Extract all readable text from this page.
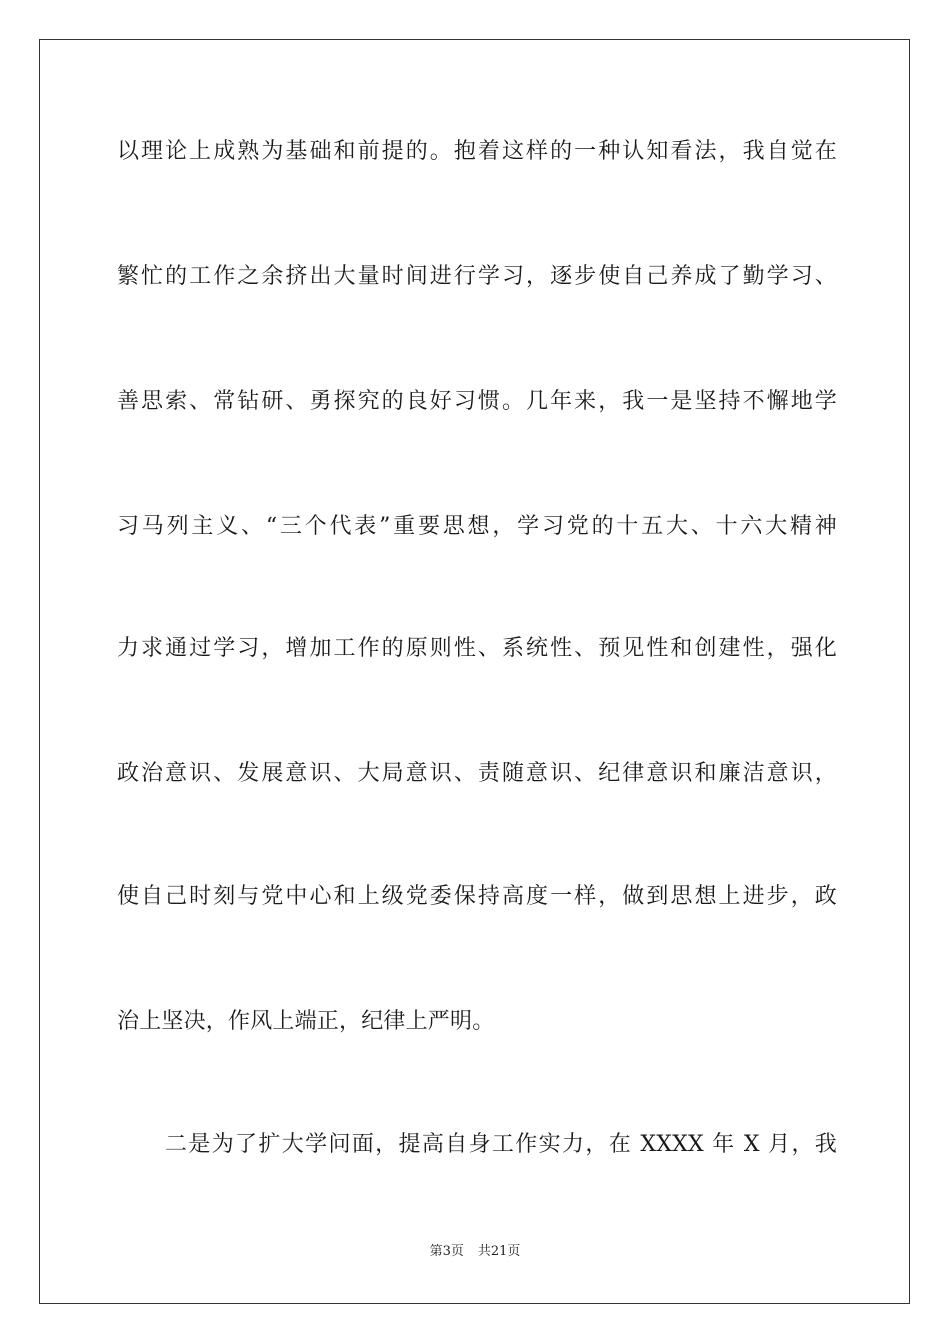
以理论上成熟为基础和前提的。抱着这样的一种认知看法，我自觉在
繁忙的工作之余挤出大量时间进行学习，逐步使自己养成了勤学习、
善思索、常钻研、勇探究的良好习惯。几年来，我一是坚持不懈地学
习马列主义、“三个代表”重要思想，学习党的十五大、十六大精神
力求通过学习，增加工作的原则性、系统性、预见性和创建性，强化
政治意识、发展意识、大局意识、责随意识、纪律意识和廉洁意识，
使自己时刻与党中心和上级党委保持高度一样，做到思想上进步，政
治上坚决，作风上端正，纪律上严明。
二是为了扩大学问面，提高自身工作实力，在 XXXX 年 X 月，我
第3页 共21页
